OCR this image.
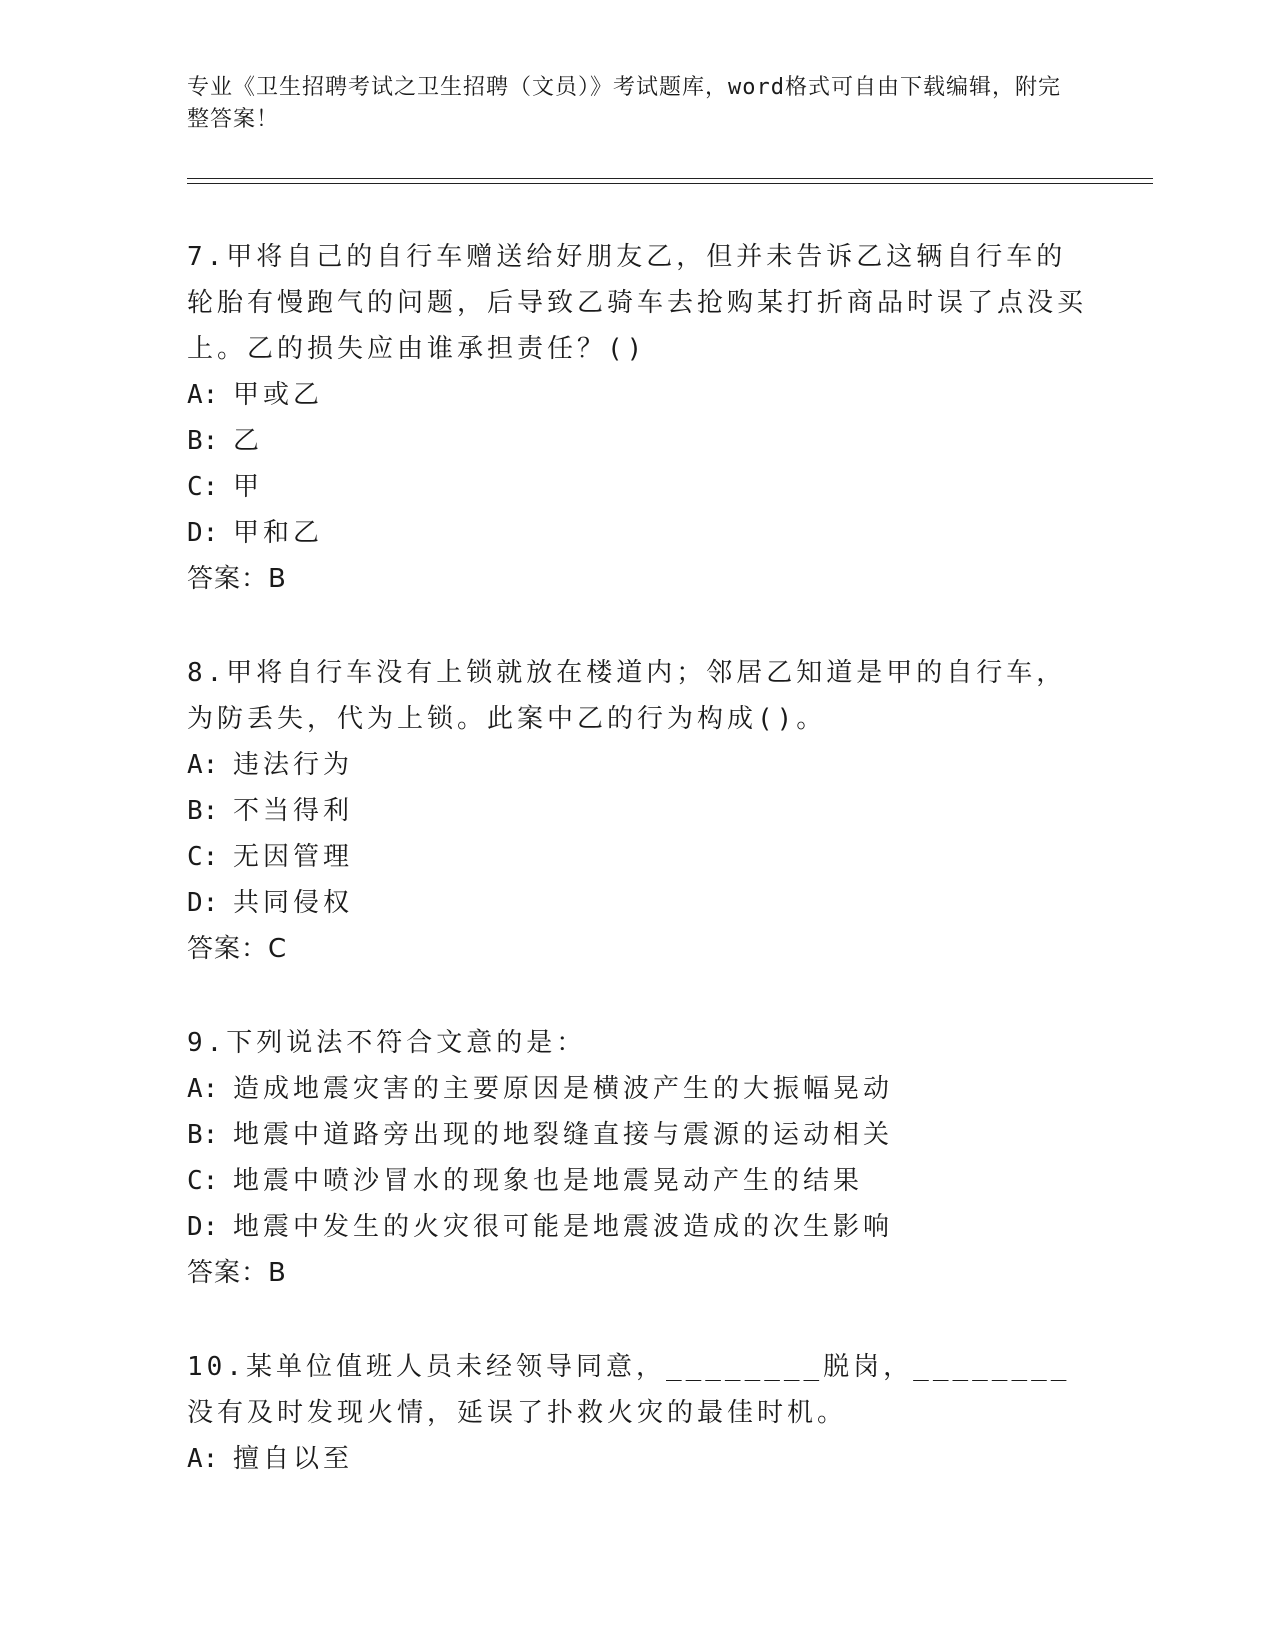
专业《卫生招聘考试之卫生招聘（文员）》考试题库，word格式可自由下载编辑，附完整答案！

7.甲将自己的自行车赠送给好朋友乙，但并未告诉乙这辆自行车的轮胎有慢跑气的问题，后导致乙骑车去抢购某打折商品时误了点没买上。乙的损失应由谁承担责任？()

A: 甲或乙

B: 乙

C: 甲

D: 甲和乙

答案：B

8.甲将自行车没有上锁就放在楼道内；邻居乙知道是甲的自行车，为防丢失，代为上锁。此案中乙的行为构成()。

A: 违法行为

B: 不当得利

C: 无因管理

D: 共同侵权

答案：C

9.下列说法不符合文意的是：

A: 造成地震灾害的主要原因是横波产生的大振幅晃动

B: 地震中道路旁出现的地裂缝直接与震源的运动相关

C: 地震中喷沙冒水的现象也是地震晃动产生的结果

D: 地震中发生的火灾很可能是地震波造成的次生影响

答案：B

10.某单位值班人员未经领导同意，________脱岗，________没有及时发现火情，延误了扑救火灾的最佳时机。

A: 擅自以至
